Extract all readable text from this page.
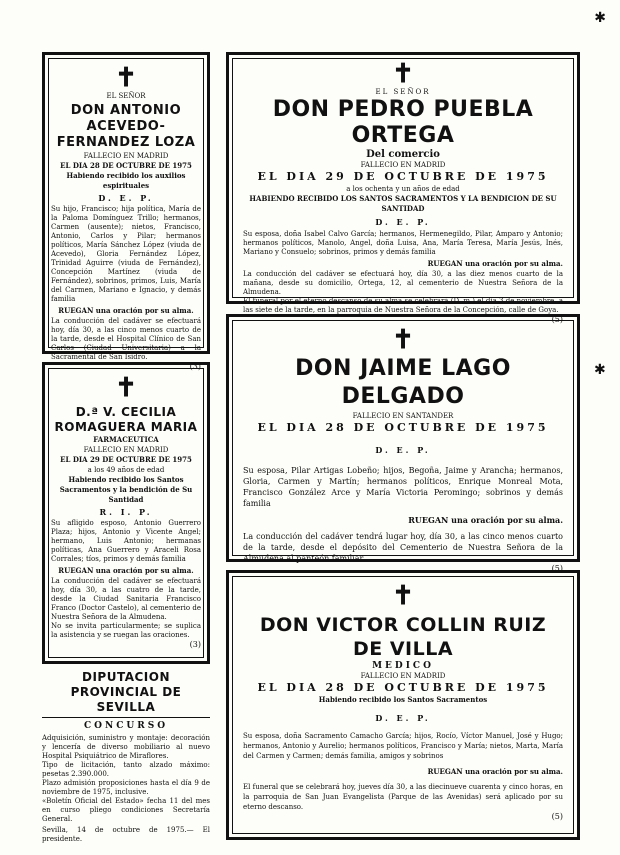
✱
✝
EL SEÑOR
DON ANTONIO ACEVEDO-FERNANDEZ LOZA
FALLECIO EN MADRID
EL DIA 28 DE OCTUBRE DE 1975
Habiendo recibido los auxilios espirituales
D. E. P.
Su hijo, Francisco; hija política, María de la Paloma Domínguez Trillo; hermanos, Carmen (ausente); nietos, Francisco, Antonio, Carlos y Pilar; hermanos políticos, María Sánchez López (viuda de Acevedo), Gloria Fernández López, Trinidad Aguirre (viuda de Fernández), Concepción Martínez (viuda de Fernández), sobrinos, primos, Luis, María del Carmen, Mariano e Ignacio, y demás familia
RUEGAN una oración por su alma.
La conducción del cadáver se efectuará hoy, día 30, a las cinco menos cuarto de la tarde, desde el Hospital Clínico de San Carlos (Ciudad Universitaria) a la Sacramental de San Isidro.
(3)
✝
EL SEÑOR
DON PEDRO PUEBLA ORTEGA
Del comercio
FALLECIO EN MADRID
EL DIA 29 DE OCTUBRE DE 1975
a los ochenta y un años de edad
HABIENDO RECIBIDO LOS SANTOS SACRAMENTOS Y LA BENDICION DE SU SANTIDAD
D. E. P.
Su esposa, doña Isabel Calvo García; hermanos, Hermenegildo, Pilar, Amparo y Antonio; hermanos políticos, Manolo, Angel, doña Luisa, Ana, María Teresa, María Jesús, Inés, Mariano y Consuelo; sobrinos, primos y demás familia
RUEGAN una oración por su alma.
La conducción del cadáver se efectuará hoy, día 30, a las diez menos cuarto de la mañana, desde su domicilio, Ortega, 12, al cementerio de Nuestra Señora de la Almudena.
El funeral por el eterno descanso de su alma se celebrará (D. m.) el día 3 de noviembre, a las siete de la tarde, en la parroquia de Nuestra Señora de la Concepción, calle de Goya.
(5)
✝
DON JAIME LAGO DELGADO
FALLECIO EN SANTANDER
EL DIA 28 DE OCTUBRE DE 1975
D. E. P.
Su esposa, Pilar Artigas Lobeño; hijos, Begoña, Jaime y Arancha; hermanos, Gloria, Carmen y Martín; hermanos políticos, Enrique Monreal Mota, Francisco González Arce y María Victoria Peromingo; sobrinos y demás familia
RUEGAN una oración por su alma.
La conducción del cadáver tendrá lugar hoy, día 30, a las cinco menos cuarto de la tarde, desde el depósito del Cementerio de Nuestra Señora de la Almudena al panteón familiar.
(5)
✱
✝
D.ª V. CECILIA ROMAGUERA MARIA
FARMACEUTICA
FALLECIO EN MADRID
EL DIA 29 DE OCTUBRE DE 1975
a los 49 años de edad
Habiendo recibido los Santos Sacramentos y la bendición de Su Santidad
R. I. P.
Su afligido esposo, Antonio Guerrero Plaza; hijos, Antonio y Vicente Angel; hermano, Luis Antonio; hermanas políticas, Ana Guerrero y Araceli Rosa Corrales; tíos, primos y demás familia
RUEGAN una oración por su alma.
La conducción del cadáver se efectuará hoy, día 30, a las cuatro de la tarde, desde la Ciudad Sanitaria Francisco Franco (Doctor Castelo), al cementerio de Nuestra Señora de la Almudena.
No se invita particularmente; se suplica la asistencia y se ruegan las oraciones.
(3)
DIPUTACION PROVINCIAL DE SEVILLA
CONCURSO
Adquisición, suministro y montaje: decoración y lencería de diverso mobiliario al nuevo Hospital Psiquiátrico de Miraflores.
Tipo de licitación, tanto alzado máximo: pesetas 2.390.000.
Plazo admisión proposiciones hasta el día 9 de noviembre de 1975, inclusive.
«Boletín Oficial del Estado» fecha 11 del mes en curso pliego condiciones Secretaría General.
Sevilla, 14 de octubre de 1975.— El presidente.
✝
DON VICTOR COLLIN RUIZ DE VILLA
MEDICO
FALLECIO EN MADRID
EL DIA 28 DE OCTUBRE DE 1975
Habiendo recibido los Santos Sacramentos
D. E. P.
Su esposa, doña Sacramento Camacho García; hijos, Rocío, Víctor Manuel, José y Hugo; hermanos, Antonio y Aurelio; hermanos políticos, Francisco y María; nietos, Marta, María del Carmen y Carmen; demás familia, amigos y sobrinos
RUEGAN una oración por su alma.
El funeral que se celebrará hoy, jueves día 30, a las diecinueve cuarenta y cinco horas, en la parroquia de San Juan Evangelista (Parque de las Avenidas) será aplicado por su eterno descanso.
(5)
